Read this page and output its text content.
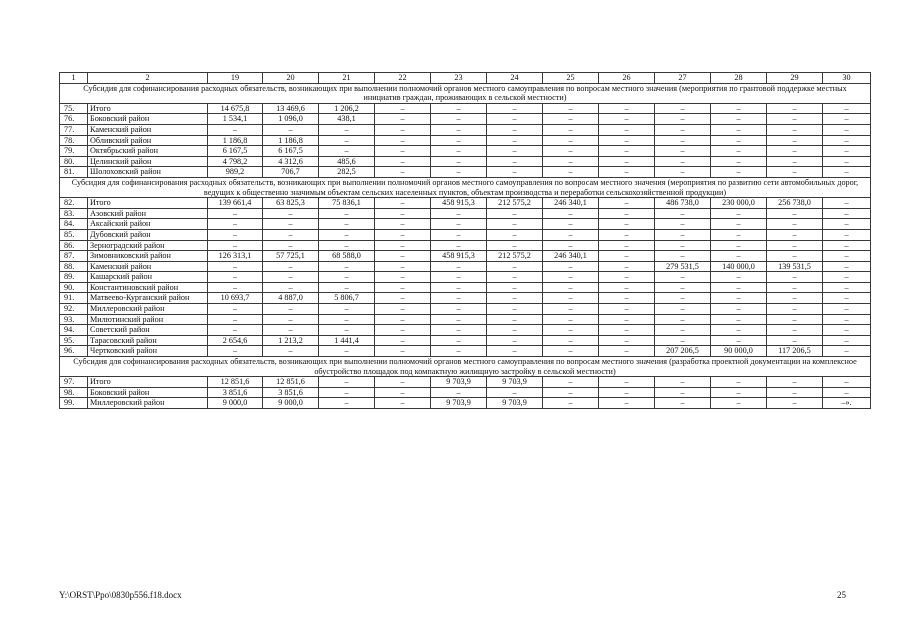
1	2	19	20	21	22	23	24	25	26	27	28	29	30
Субсидия для софинансирования расходных обязательств, возникающих при выполнении полномочий органов местного самоуправления по вопросам местного значения (мероприятия по грантовой поддержке местных инициатив граждан, проживающих в сельской местности)													
75.	Итого	14 675,8	13 469,6	1 206,2	–	–	–	–	–	–	–	–	–
76.	Боковский район	1 534,1	1 096,0	438,1	–	–	–	–	–	–	–	–	–
77.	Каменский район	–	–	–	–	–	–	–	–	–	–	–	–
78.	Обливский район	1 186,8	1 186,8	–	–	–	–	–	–	–	–	–	–
79.	Октябрьский район	6 167,5	6 167,5	–	–	–	–	–	–	–	–	–	–
80.	Целинский район	4 798,2	4 312,6	485,6	–	–	–	–	–	–	–	–	–
81.	Шолоховский район	989,2	706,7	282,5	–	–	–	–	–	–	–	–	–
Субсидия для софинансирования расходных обязательств, возникающих при выполнении полномочий органов местного самоуправления по вопросам местного значения (мероприятия по развитию сети автомобильных дорог, ведущих к общественно значимым объектам сельских населенных пунктов, объектам производства и переработки сельскохозяйственной продукции)													
82.	Итого	139 661,4	63 825,3	75 836,1	–	458 915,3	212 575,2	246 340,1	–	486 738,0	230 000,0	256 738,0	–
83.	Азовский район	–	–	–	–	–	–	–	–	–	–	–	–
84.	Аксайский район	–	–	–	–	–	–	–	–	–	–	–	–
85.	Дубовский район	–	–	–	–	–	–	–	–	–	–	–	–
86.	Зерноградский район	–	–	–	–	–	–	–	–	–	–	–	–
87.	Зимовниковский район	126 313,1	57 725,1	68 588,0	–	458 915,3	212 575,2	246 340,1	–	–	–	–	–
88.	Каменский район	–	–	–	–	–	–	–	–	279 531,5	140 000,0	139 531,5	–
89.	Кашарский район	–	–	–	–	–	–	–	–	–	–	–	–
90.	Константиновский район	–	–	–	–	–	–	–	–	–	–	–	–
91.	Матвеево-Курганский район	10 693,7	4 887,0	5 806,7	–	–	–	–	–	–	–	–	–
92.	Миллеровский район	–	–	–	–	–	–	–	–	–	–	–	–
93.	Милютинский район	–	–	–	–	–	–	–	–	–	–	–	–
94.	Советский район	–	–	–	–	–	–	–	–	–	–	–	–
95.	Тарасовский район	2 654,6	1 213,2	1 441,4	–	–	–	–	–	–	–	–	–
96.	Чертковский район	–	–	–	–	–	–	–	–	207 206,5	90 000,0	117 206,5	–
Субсидия для софинансирования расходных обязательств, возникающих при выполнении полномочий органов местного самоуправления по вопросам местного значения (разработка проектной документации на комплексное обустройство площадок под компактную жилищную застройку в сельской местности)													
97.	Итого	12 851,6	12 851,6	–	–	9 703,9	9 703,9	–	–	–	–	–	–
98.	Боковский район	3 851,6	3 851,6	–	–	–	–	–	–	–	–	–	–
99.	Миллеровский район	9 000,0	9 000,0	–	–	9 703,9	9 703,9	–	–	–	–	–	–».
Y:\ORST\Ppo\0830p556.f18.docx	25
